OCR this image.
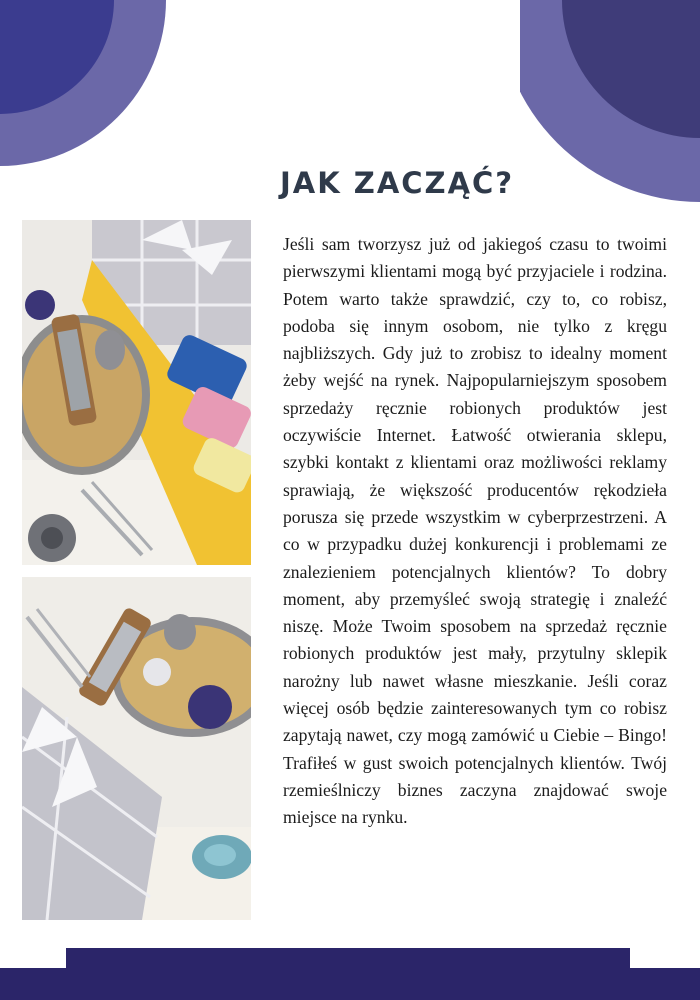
JAK ZACZĄĆ?

Jeśli sam tworzysz już od jakiegoś czasu to twoimi pierwszymi klientami mogą być przyjaciele i rodzina. Potem warto także sprawdzić, czy to, co robisz, podoba się innym osobom, nie tylko z kręgu najbliższych. Gdy już to zrobisz to idealny moment żeby wejść na rynek. Najpopularniejszym sposobem sprzedaży ręcznie robionych produktów jest oczywiście Internet. Łatwość otwierania sklepu, szybki kontakt z klientami oraz możliwości reklamy sprawiają, że większość producentów rękodzieła porusza się przede wszystkim w cyberprzestrzeni. A co w przypadku dużej konkurencji i problemami ze znalezieniem potencjalnych klientów? To dobry moment, aby przemyśleć swoją strategię i znaleźć niszę. Może Twoim sposobem na sprzedaż ręcznie robionych produktów jest mały, przytulny sklepik narożny lub nawet własne mieszkanie. Jeśli coraz więcej osób będzie zainteresowanych tym co robisz zapytają nawet, czy mogą zamówić u Ciebie – Bingo! Trafiłeś w gust swoich potencjalnych klientów. Twój rzemieślniczy biznes zaczyna znajdować swoje miejsce na rynku.
